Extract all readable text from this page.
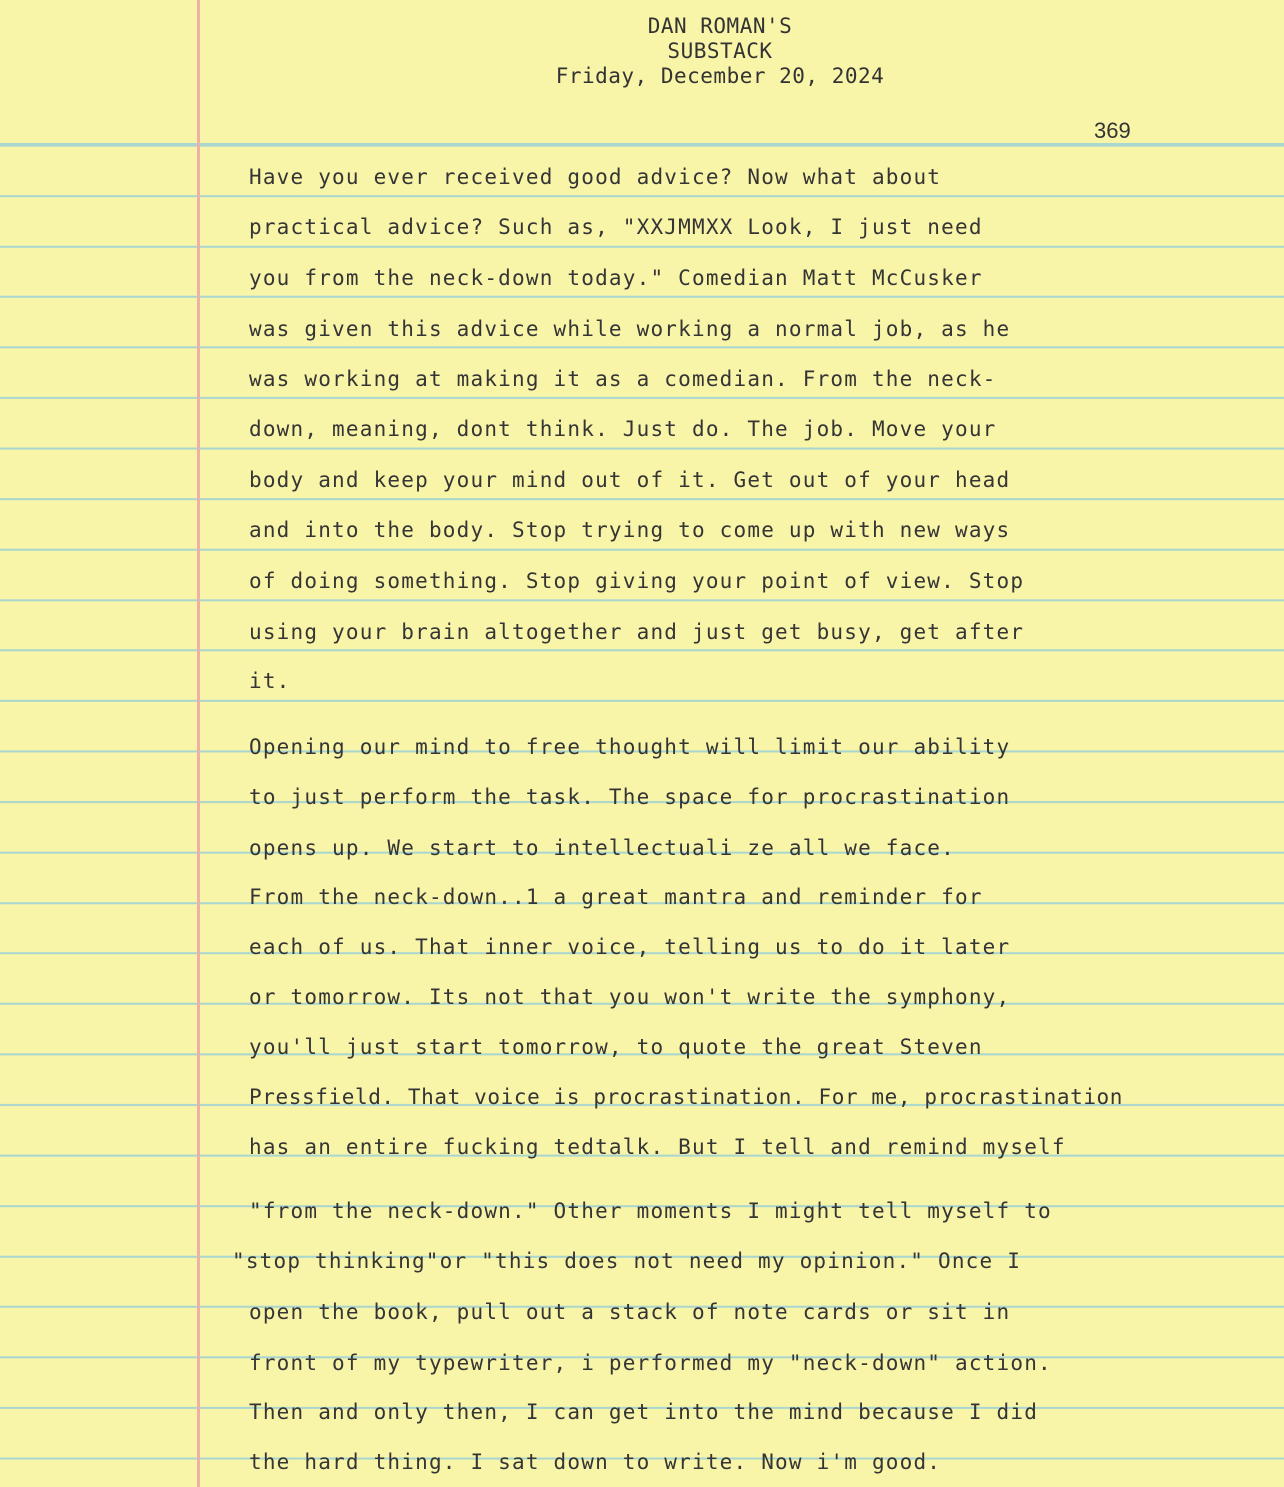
DAN ROMAN'S
SUBSTACK
Friday, December 20, 2024
369
Have you ever received good advice? Now what about
practical advice? Such as, "XXJMMXX Look, I just need
you from the neck-down today." Comedian Matt McCusker
was given this advice while working a normal job, as he
was working at making it as a comedian. From the neck-
down, meaning, dont think. Just do. The job. Move your
body and keep your mind out of it. Get out of your head
and into the body. Stop trying to come up with new ways
of doing something. Stop giving your point of view. Stop
using your brain altogether and just get busy, get after
it.
Opening our mind to free thought will limit our ability
to just perform the task. The space for procrastination
opens up. We start to intellectuali ze all we face.
From the neck-down..1 a great mantra and reminder for
each of us. That inner voice, telling us to do it later
or tomorrow. Its not that you won't write the symphony,
you'll just start tomorrow, to quote the great Steven
Pressfield. That voice is procrastination. For me, procrastination
has an entire fucking tedtalk. But I tell and remind myself
"from the neck-down." Other moments I might tell myself to
"stop thinking"or "this does not need my opinion." Once I
open the book, pull out a stack of note cards or sit in
front of my typewriter, i performed my "neck-down" action.
Then and only then, I can get into the mind because I did
the hard thing. I sat down to write. Now i'm good.
